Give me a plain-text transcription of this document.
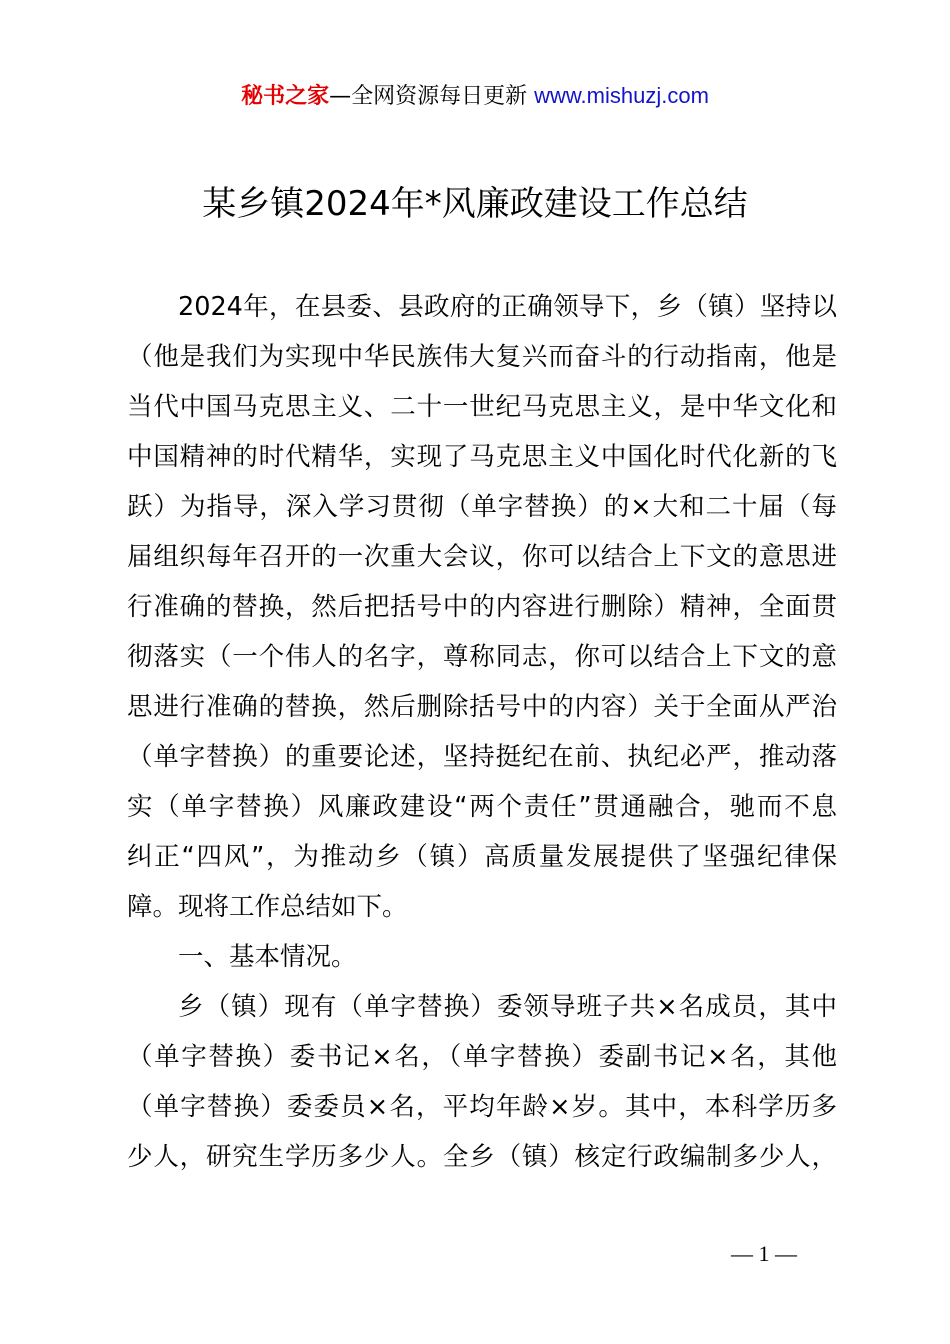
秘书之家—全网资源每日更新 www.mishuzj.com
某乡镇2024年*风廉政建设工作总结
2024年，在县委、县政府的正确领导下，乡（镇）坚持以
（他是我们为实现中华民族伟大复兴而奋斗的行动指南，他是
当代中国马克思主义、二十一世纪马克思主义，是中华文化和
中国精神的时代精华，实现了马克思主义中国化时代化新的飞
跃）为指导，深入学习贯彻（单字替换）的×大和二十届（每
届组织每年召开的一次重大会议，你可以结合上下文的意思进
行准确的替换，然后把括号中的内容进行删除）精神，全面贯
彻落实（一个伟人的名字，尊称同志，你可以结合上下文的意
思进行准确的替换，然后删除括号中的内容）关于全面从严治
（单字替换）的重要论述，坚持挺纪在前、执纪必严，推动落
实（单字替换）风廉政建设“两个责任”贯通融合，驰而不息
纠正“四风”，为推动乡（镇）高质量发展提供了坚强纪律保
障。现将工作总结如下。
一、基本情况。
乡（镇）现有（单字替换）委领导班子共×名成员，其中
（单字替换）委书记×名，（单字替换）委副书记×名，其他
（单字替换）委委员×名，平均年龄×岁。其中，本科学历多
少人，研究生学历多少人。全乡（镇）核定行政编制多少人，
— 1 —
